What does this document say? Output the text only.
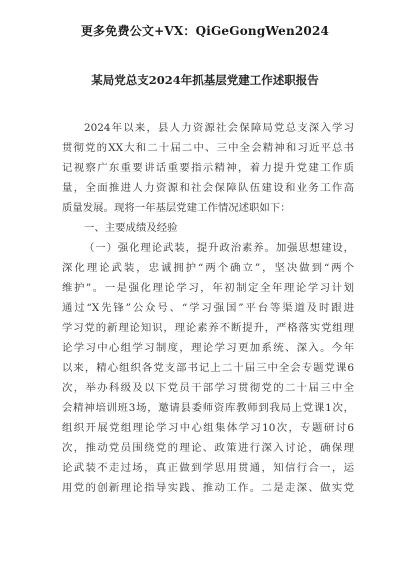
更多免费公文+VX：QiGeGongWen2024
某局党总支2024年抓基层党建工作述职报告
2024年以来，县人力资源社会保障局党总支深入学习
贯彻党的XX大和二十届二中、三中全会精神和习近平总书
记视察广东重要讲话重要指示精神，着力提升党建工作质
量，全面推进人力资源和社会保障队伍建设和业务工作高
质量发展。现将一年基层党建工作情况述职如下：
一、主要成绩及经验
（一）强化理论武装，提升政治素养。加强思想建设，
深化理论武装，忠诚拥护“两个确立”，坚决做到“两个
维护”。一是强化理论学习，年初制定全年理论学习计划
通过“X先锋”公众号、“学习强国”平台等渠道及时跟进
学习党的新理论知识，理论素养不断提升，严格落实党组理
论学习中心组学习制度，理论学习更加系统、深入。今年
以来，精心组织各党支部书记上二十届三中全会专题党课6
次，举办科级及以下党员干部学习贯彻党的二十届三中全
会精神培训班3场，邀请县委师资库教师到我局上党课1次，
组织开展党组理论学习中心组集体学习10次，专题研讨6
次，推动党员围绕党的理论、政策进行深入讨论，确保理
论武装不走过场，真正做到学思用贯通，知信行合一，运
用党的创新理论指导实践、推动工作。二是走深、做实党
